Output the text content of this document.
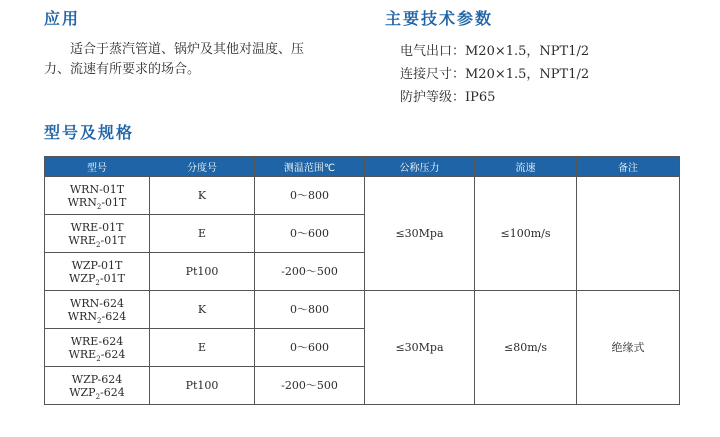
应用

适合于蒸汽管道、锅炉及其他对温度、压
力、流速有所要求的场合。

主要技术参数
电气出口：M20×1.5，NPT1/2
连接尺寸：M20×1.5，NPT1/2
防护等级：IP65
型号及规格
型号	分度号	测温范围℃	公称压力	流速	备注

WRN-01T
$WRN_2-01T$	K	0～800	≤30Mpa	≤100m/s	

WRE-01T
$WRE_2-01T$	E	0～600			

WZP-01T
$WZP_2-01T$	Pt100	-200～500			

WRN-624
$WRN_2-624$	K	0～800	≤30Mpa	≤80m/s	绝缘式

WRE-624
$WRE_2-624$	E	0～600			

WZP-624
$WZP_2-624$	Pt100	-200～500			
